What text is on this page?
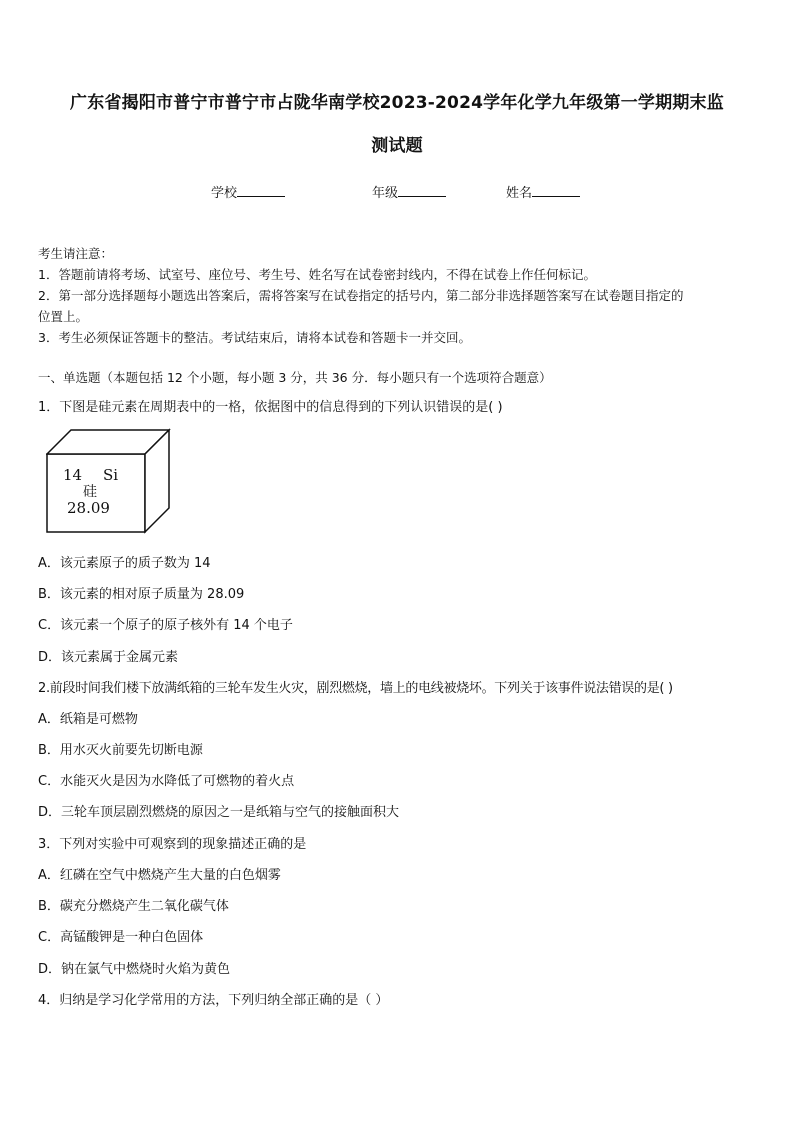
广东省揭阳市普宁市普宁市占陇华南学校2023-2024学年化学九年级第一学期期末监
测试题
学校	年级	姓名

考生请注意：

1．答题前请将考场、试室号、座位号、考生号、姓名写在试卷密封线内，不得在试卷上作任何标记。

2．第一部分选择题每小题选出答案后，需将答案写在试卷指定的括号内，第二部分非选择题答案写在试卷题目指定的

位置上。

3．考生必须保证答题卡的整洁。考试结束后，请将本试卷和答题卡一并交回。

一、单选题（本题包括 12 个小题，每小题 3 分，共 36 分．每小题只有一个选项符合题意）
1．下图是硅元素在周期表中的一格，依据图中的信息得到的下列认识错误的是( )
14 Si
硅
28.09
A．该元素原子的质子数为 14
B．该元素的相对原子质量为 28.09
C．该元素一个原子的原子核外有 14 个电子
D．该元素属于金属元素
2.前段时间我们楼下放满纸箱的三轮车发生火灾，剧烈燃烧，墙上的电线被烧坏。下列关于该事件说法错误的是( )
A．纸箱是可燃物
B．用水灭火前要先切断电源
C．水能灭火是因为水降低了可燃物的着火点
D．三轮车顶层剧烈燃烧的原因之一是纸箱与空气的接触面积大
3．下列对实验中可观察到的现象描述正确的是
A．红磷在空气中燃烧产生大量的白色烟雾
B．碳充分燃烧产生二氧化碳气体
C．高锰酸钾是一种白色固体
D．钠在氯气中燃烧时火焰为黄色
4．归纳是学习化学常用的方法，下列归纳全部正确的是（ ）
